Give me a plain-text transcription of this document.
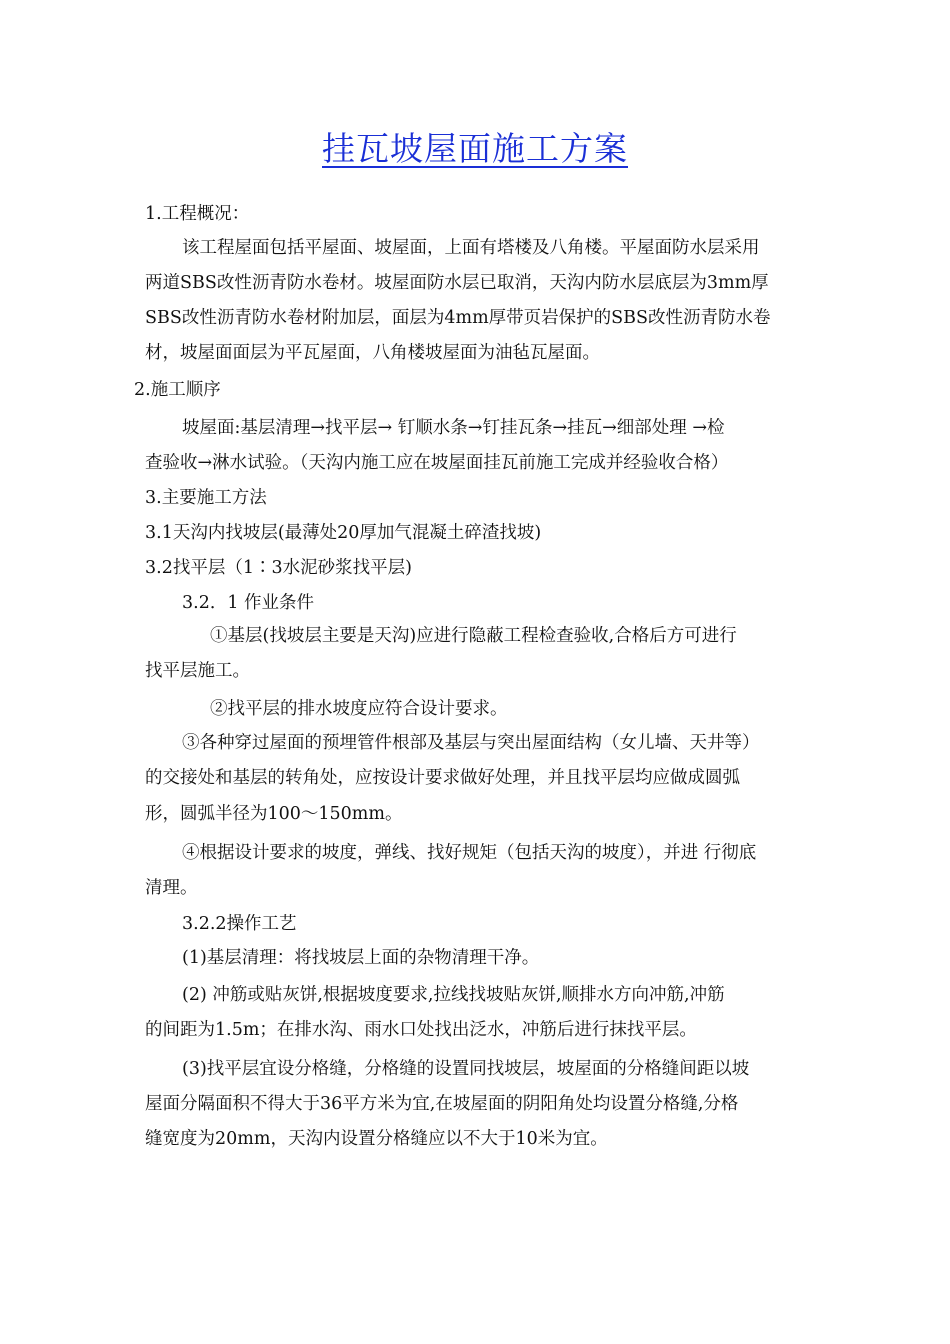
挂瓦坡屋面施工方案
1.工程概况：
该工程屋面包括平屋面、坡屋面，上面有塔楼及八角楼。平屋面防水层采用
两道SBS改性沥青防水卷材。坡屋面防水层已取消，天沟内防水层底层为3mm厚
SBS改性沥青防水卷材附加层，面层为4mm厚带页岩保护的SBS改性沥青防水卷
材，坡屋面面层为平瓦屋面，八角楼坡屋面为油毡瓦屋面。
2.施工顺序
坡屋面:基层清理→找平层→ 钉顺水条→钉挂瓦条→挂瓦→细部处理 →检
查验收→淋水试验。（天沟内施工应在坡屋面挂瓦前施工完成并经验收合格）
3.主要施工方法
3.1天沟内找坡层(最薄处20厚加气混凝土碎渣找坡)
3.2找平层（1∶3水泥砂浆找平层)
3.2．1 作业条件
①基层(找坡层主要是天沟)应进行隐蔽工程检查验收,合格后方可进行
找平层施工。
②找平层的排水坡度应符合设计要求。
③各种穿过屋面的预埋管件根部及基层与突出屋面结构（女儿墙、天井等）
的交接处和基层的转角处，应按设计要求做好处理，并且找平层均应做成圆弧
形，圆弧半径为100～150mm。
④根据设计要求的坡度，弹线、找好规矩（包括天沟的坡度），并进 行彻底
清理。
3.2.2操作工艺
(1)基层清理：将找坡层上面的杂物清理干净。
(2) 冲筋或贴灰饼,根据坡度要求,拉线找坡贴灰饼,顺排水方向冲筋,冲筋
的间距为1.5m；在排水沟、雨水口处找出泛水，冲筋后进行抹找平层。
(3)找平层宜设分格缝，分格缝的设置同找坡层，坡屋面的分格缝间距以坡
屋面分隔面积不得大于36平方米为宜,在坡屋面的阴阳角处均设置分格缝,分格
缝宽度为20mm，天沟内设置分格缝应以不大于10米为宜。
